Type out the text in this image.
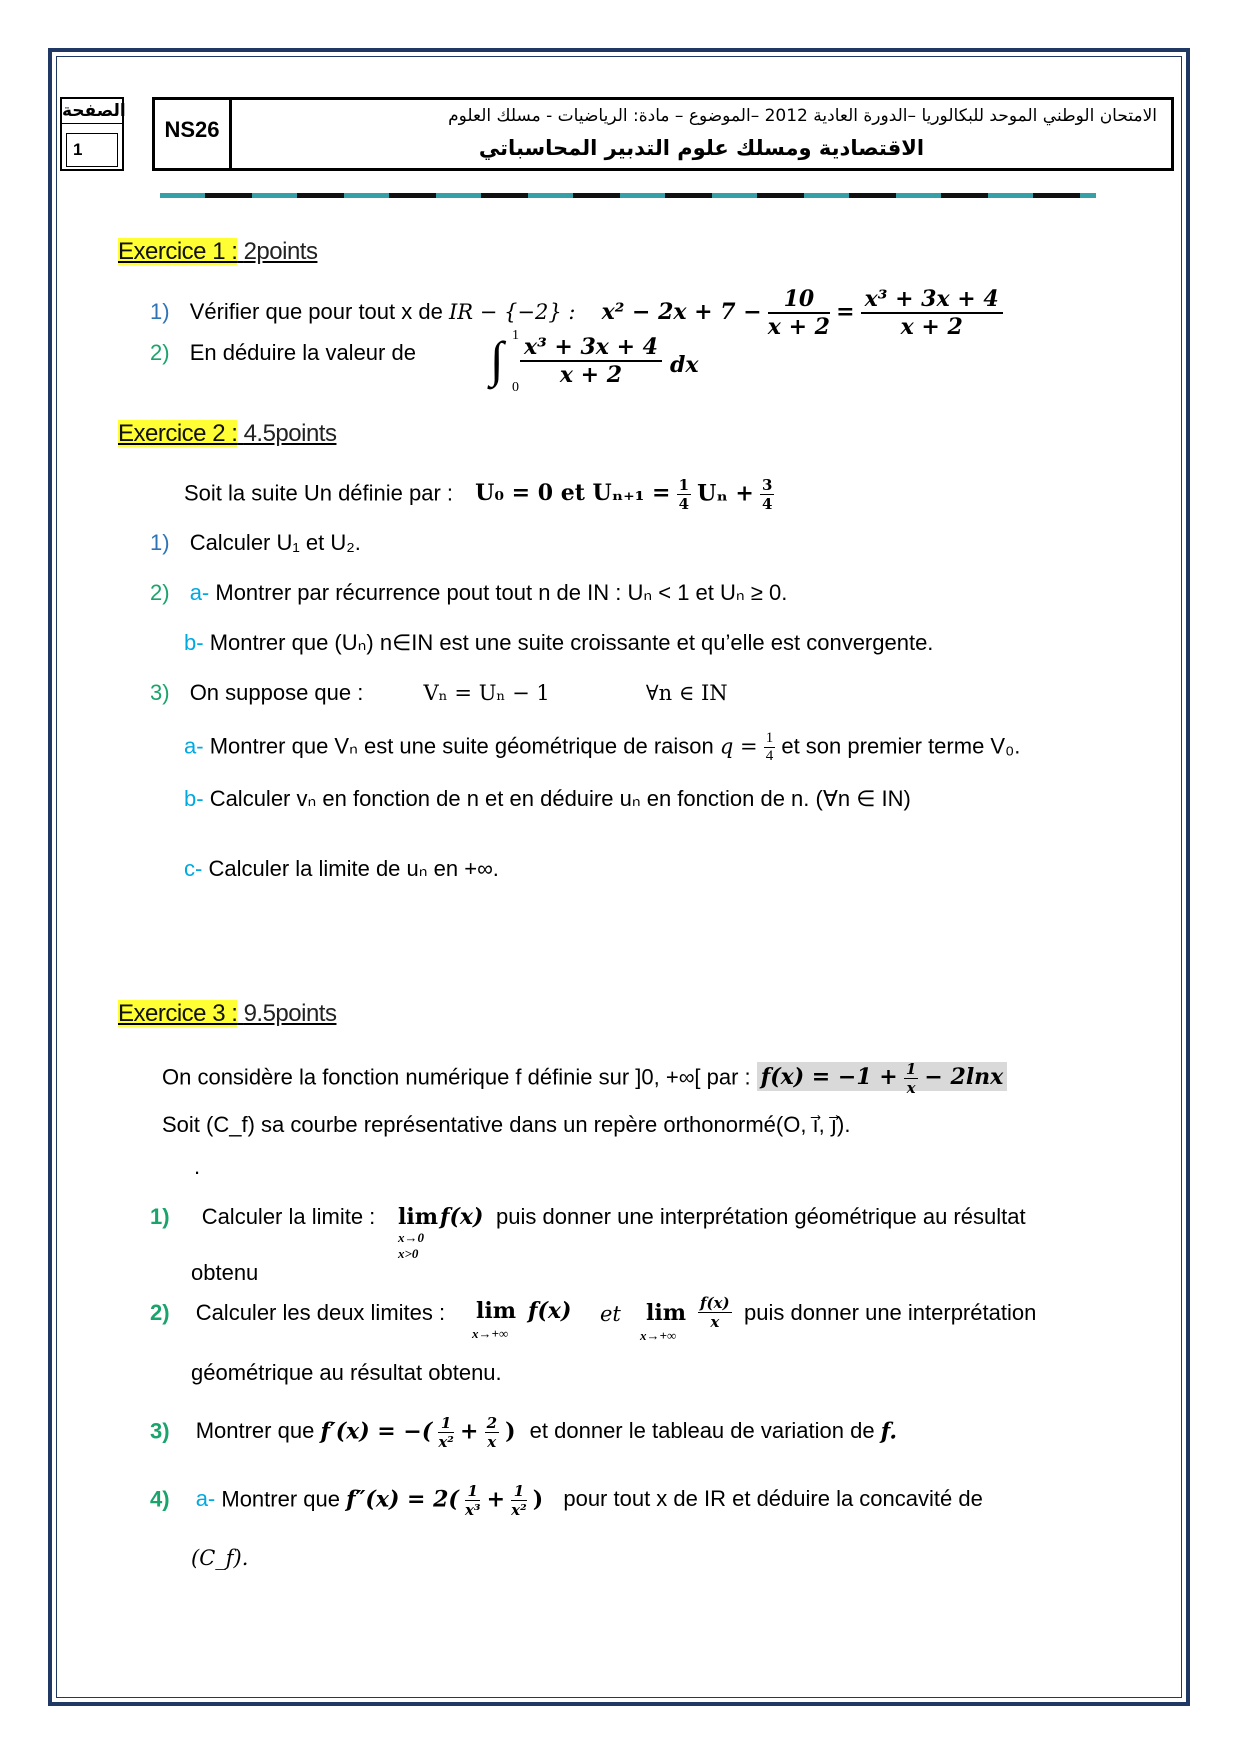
الصفحة
1
NS26
الامتحان الوطني الموحد للبكالوريا –الدورة العادية 2012 –الموضوع – مادة: الرياضيات - مسلك العلوم
الاقتصادية ومسلك علوم التدبير المحاسباتي
Exercice 1 : 2points
1) Vérifier que pour tout x de IR − {−2} : $x^2 - 2x + 7 - \frac{10}{x + 2} = \frac{\text{x³ + 3x + 4}}{x + 2}$
2) En déduire la valeur de ∫ 1
$0 \frac{\text{x³ + 3x + 4}}{x + 2}$ dx
Exercice 2 : 4.5points
Soit la suite Un définie par : U₀ = 0 et $U_{n+1} = \frac{1}{4}$ $U_n + \frac{3}{4}$
1) Calculer U₁ et U₂.
2) a- Montrer par récurrence pout tout n de IN : Uₙ < 1 et Uₙ ≥ 0.
b- Montrer que (Uₙ) n∈IN est une suite croissante et qu’elle est convergente.
3) On suppose que :	Vₙ = Uₙ − 1	∀n ∈ IN
a- Montrer que Vₙ est une suite géométrique de raison $q = \frac{1}{4}$ et son premier terme V₀.
b- Calculer vₙ en fonction de n et en déduire uₙ en fonction de n. (∀n ∈ IN)
c- Calculer la limite de uₙ en +∞.
Exercice 3 : 9.5points
On considère la fonction numérique f définie sur ]0, +∞[ par : $f(x) = -1 + \frac{1}{x} - 2\ln x$
Soit (C_f) sa courbe représentative dans un repère orthonormé(O, i⃗, j⃗).
.
1) Calculer la limite : lim
x→0
x>0
f(x) puis donner une interprétation géométrique au résultat
obtenu
2) Calculer les deux limites : lim
x→+∞
f(x) et lim
x→+∞
$\frac{f(x)}{x}$ puis donner une interprétation
géométrique au résultat obtenu.
3) Montrer que f′(x) = −( $\frac{1}{\text{x²}} + \frac{2}{x}$ ) et donner le tableau de variation de f.
4) a- Montrer que $f''(x) = 2( \frac{1}{\text{x³}} + \frac{1}{\text{x²}}$ ) pour tout x de IR et déduire la concavité de
(C_f).
